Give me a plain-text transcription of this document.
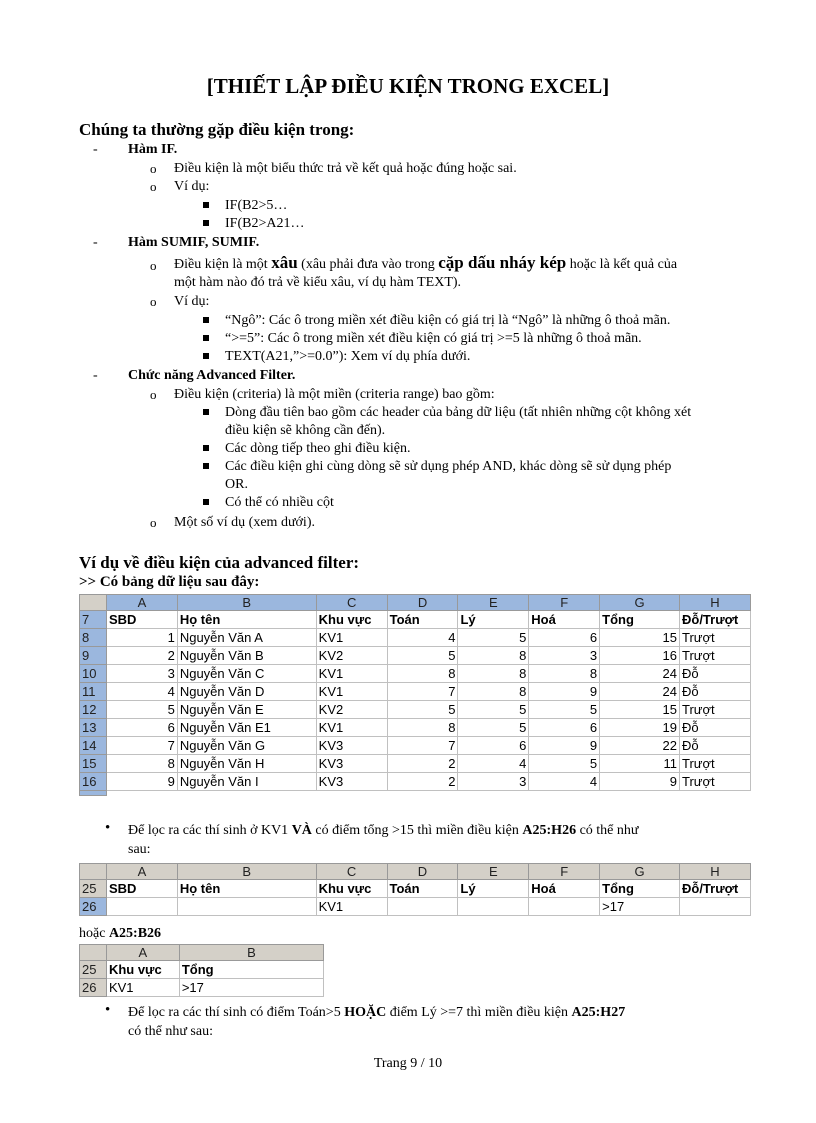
[THIẾT LẬP ĐIỀU KIỆN TRONG EXCEL]
Chúng ta thường gặp điều kiện trong:
- Hàm IF.
o Điều kiện là một biểu thức trả về kết quả hoặc đúng hoặc sai.
o Ví dụ:
IF(B2>5…
IF(B2>A21…
- Hàm SUMIF, SUMIF.
o Điều kiện là một xâu (xâu phải đưa vào trong cặp dấu nháy kép hoặc là kết quả của
một hàm nào đó trả về kiểu xâu, ví dụ hàm TEXT).
o Ví dụ:
“Ngô”: Các ô trong miền xét điều kiện có giá trị là “Ngô” là những ô thoả mãn.
“>=5”: Các ô trong miền xét điều kiện có giá trị >=5 là những ô thoả mãn.
TEXT(A21,”>=0.0”): Xem ví dụ phía dưới.
- Chức năng Advanced Filter.
o Điều kiện (criteria) là một miền (criteria range) bao gồm:
Dòng đầu tiên bao gồm các header của bảng dữ liệu (tất nhiên những cột không xét
điều kiện sẽ không cần đến).
Các dòng tiếp theo ghi điều kiện.
Các điều kiện ghi cùng dòng sẽ sử dụng phép AND, khác dòng sẽ sử dụng phép
OR.
Có thể có nhiều cột
o Một số ví dụ (xem dưới).
Ví dụ về điều kiện của advanced filter:
>> Có bảng dữ liệu sau đây:
	A	B	C	D	E	F	G	H
7	SBD	Họ tên	Khu vực	Toán	Lý	Hoá	Tổng	Đỗ/Trượt
8	1	Nguyễn Văn A	KV1	4	5	6	15	Trượt
9	2	Nguyễn Văn B	KV2	5	8	3	16	Trượt
10	3	Nguyễn Văn C	KV1	8	8	8	24	Đỗ
11	4	Nguyễn Văn D	KV1	7	8	9	24	Đỗ
12	5	Nguyễn Văn E	KV2	5	5	5	15	Trượt
13	6	Nguyễn Văn E1	KV1	8	5	6	19	Đỗ
14	7	Nguyễn Văn G	KV3	7	6	9	22	Đỗ
15	8	Nguyễn Văn H	KV3	2	4	5	11	Trượt
16	9	Nguyễn Văn I	KV3	2	3	4	9	Trượt

• Để lọc ra các thí sinh ở KV1 VÀ có điểm tổng >15 thì miền điều kiện A25:H26 có thể như
sau:
	A	B	C	D	E	F	G	H
25	SBD	Họ tên	Khu vực	Toán	Lý	Hoá	Tổng	Đỗ/Trượt
26			KV1				>17	
hoặc A25:B26
	A	B
25	Khu vực	Tổng
26	KV1	>17
• Để lọc ra các thí sinh có điểm Toán>5 HOẶC điểm Lý >=7 thì miền điều kiện A25:H27
có thể như sau:
Trang 9 / 10
